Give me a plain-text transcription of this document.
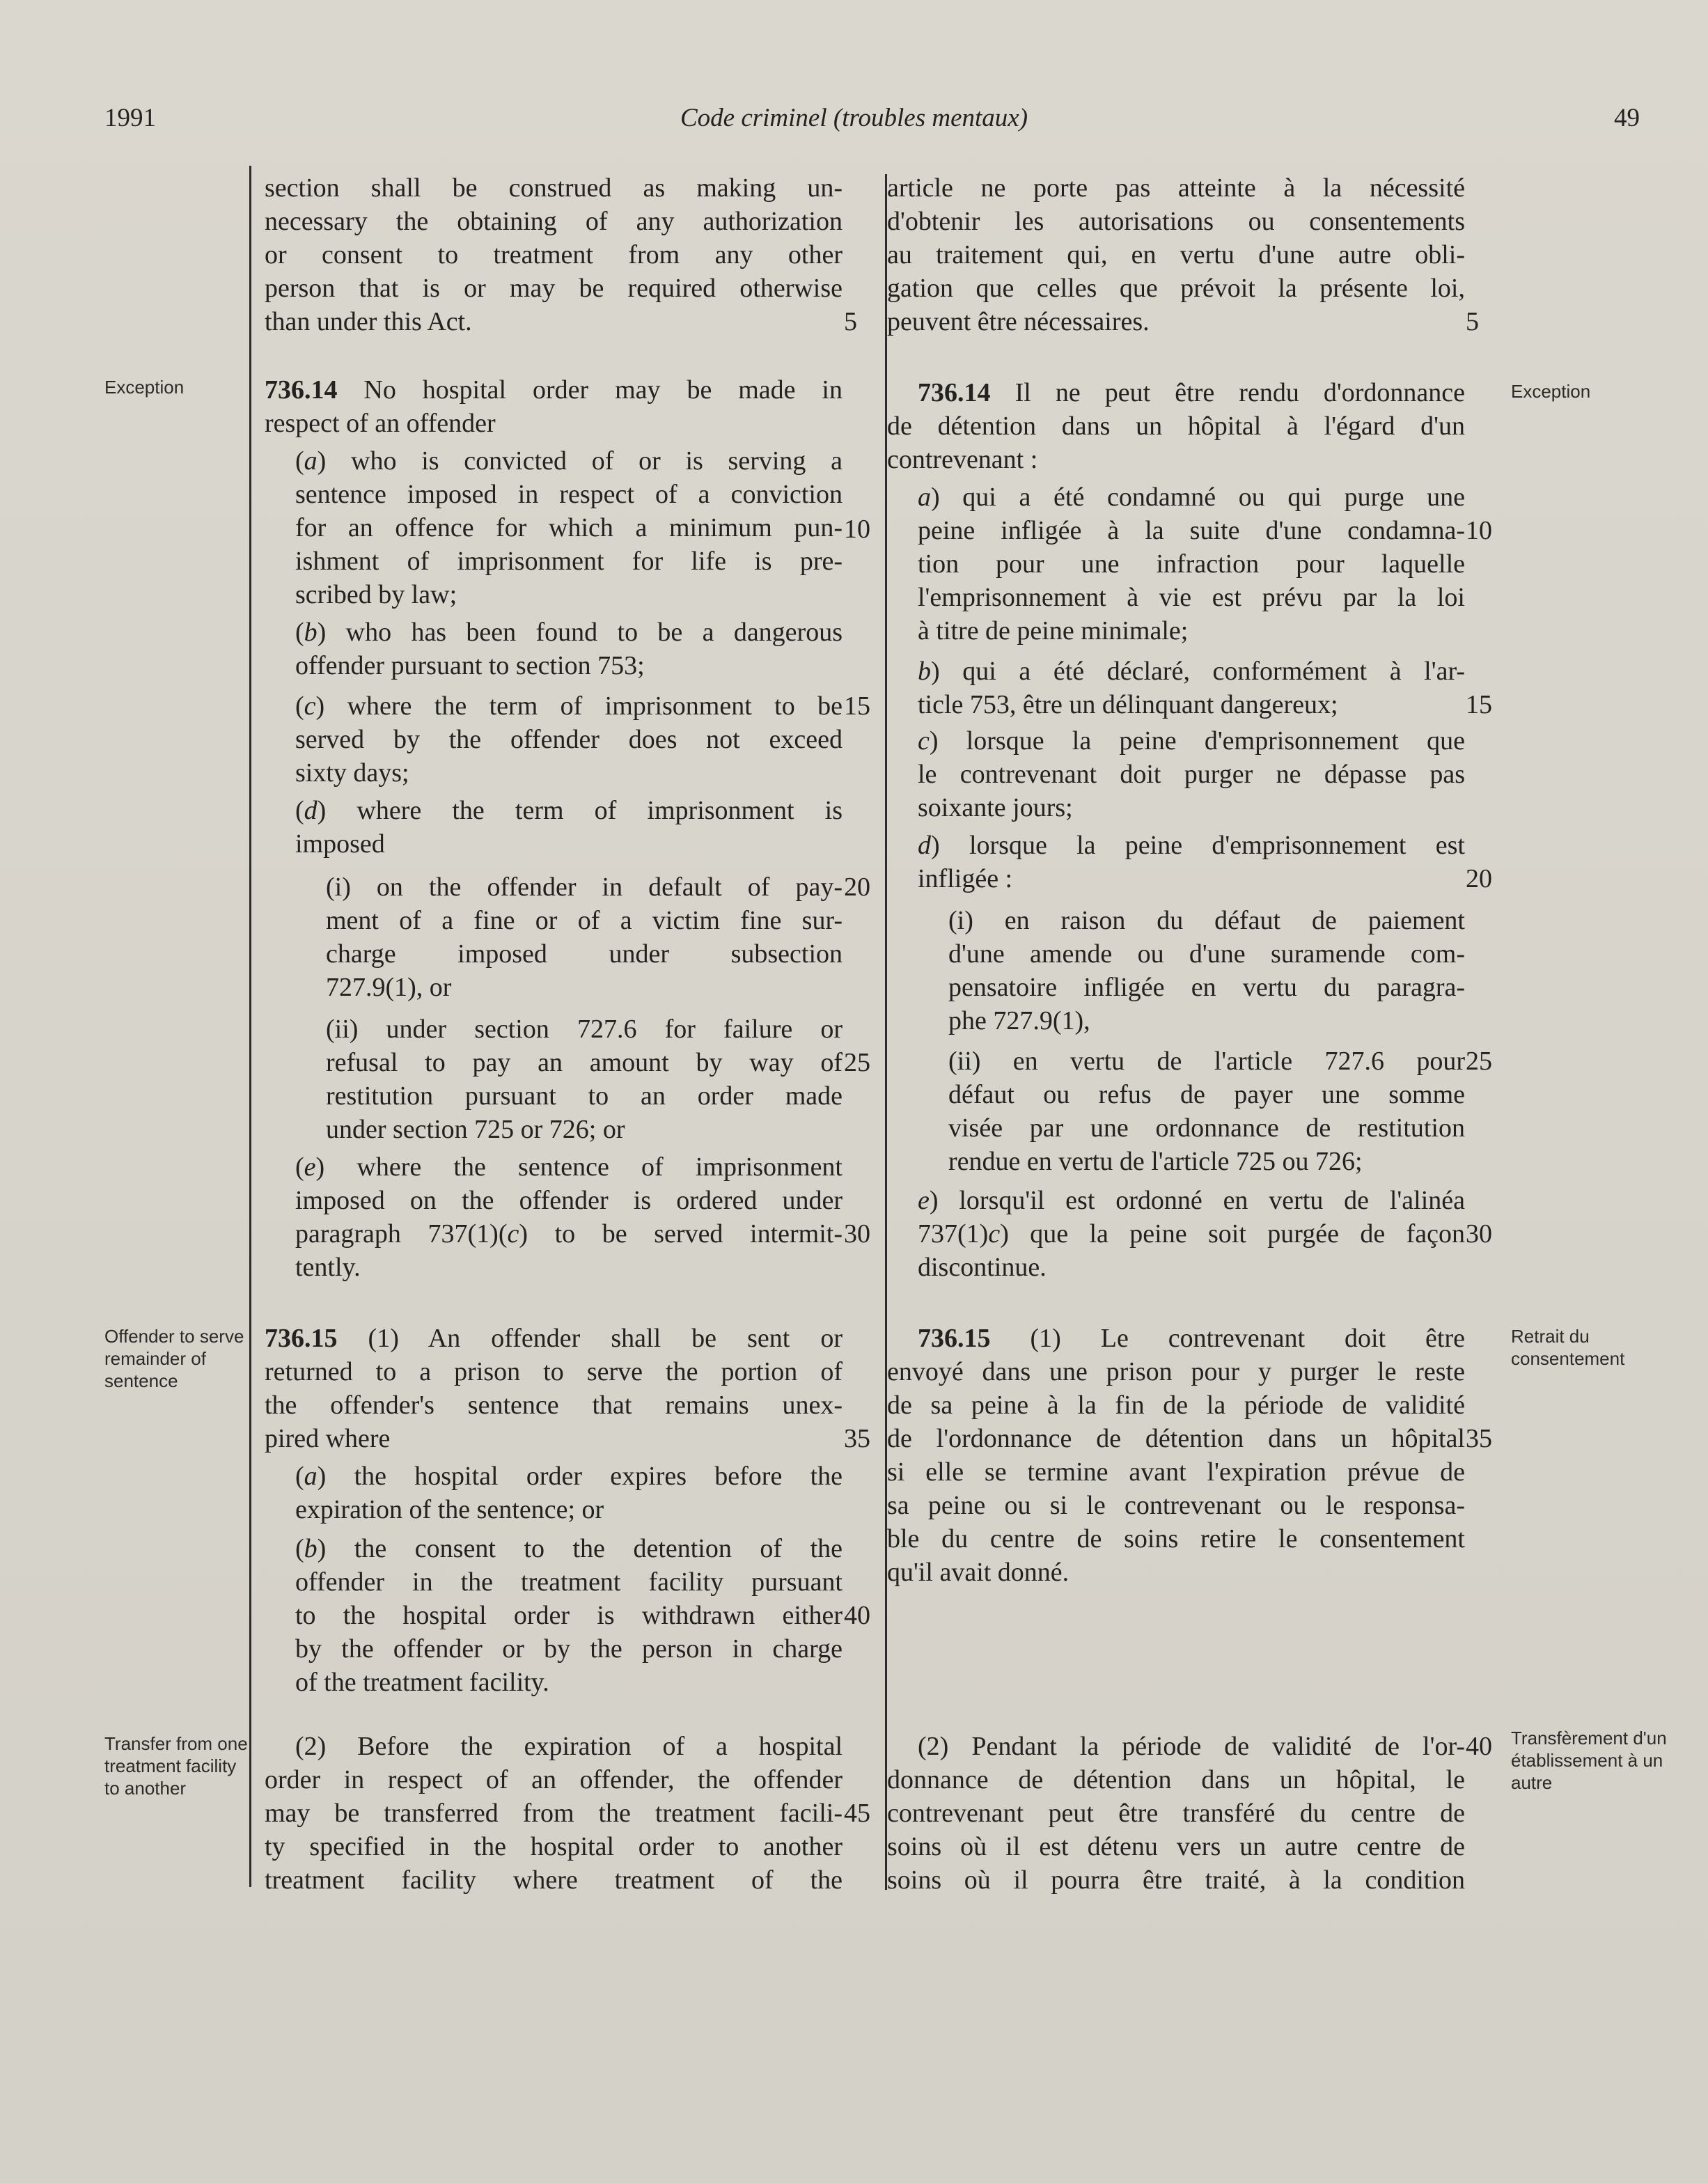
1991	Code criminel (troubles mentaux)	49
Exception
Offender to serve remainder of sentence
Transfer from one treatment facility to another
Exception
Retrait du consentement
Transfèrement d'un établissement à un autre
section shall be construed as making un-
necessary the obtaining of any authorization
or consent to treatment from any other
person that is or may be required otherwise
than under this Act.
736.14 No hospital order may be made in
respect of an offender
(a) who is convicted of or is serving a
sentence imposed in respect of a conviction
for an offence for which a minimum pun-
ishment of imprisonment for life is pre-
scribed by law;
(b) who has been found to be a dangerous
offender pursuant to section 753;
(c) where the term of imprisonment to be
served by the offender does not exceed
sixty days;
(d) where the term of imprisonment is
imposed
(i) on the offender in default of pay-
ment of a fine or of a victim fine sur-
charge imposed under subsection
727.9(1), or
(ii) under section 727.6 for failure or
refusal to pay an amount by way of
restitution pursuant to an order made
under section 725 or 726; or
(e) where the sentence of imprisonment
imposed on the offender is ordered under
paragraph 737(1)(c) to be served intermit-
tently.
736.15 (1) An offender shall be sent or
returned to a prison to serve the portion of
the offender's sentence that remains unex-
pired where
(a) the hospital order expires before the
expiration of the sentence; or
(b) the consent to the detention of the
offender in the treatment facility pursuant
to the hospital order is withdrawn either
by the offender or by the person in charge
of the treatment facility.
(2) Before the expiration of a hospital
order in respect of an offender, the offender
may be transferred from the treatment facili-
ty specified in the hospital order to another
treatment facility where treatment of the
5
10
15
20
25
30
35
40
45
article ne porte pas atteinte à la nécessité
d'obtenir les autorisations ou consentements
au traitement qui, en vertu d'une autre obli-
gation que celles que prévoit la présente loi,
peuvent être nécessaires.
736.14 Il ne peut être rendu d'ordonnance
de détention dans un hôpital à l'égard d'un
contrevenant :
a) qui a été condamné ou qui purge une
peine infligée à la suite d'une condamna-
tion pour une infraction pour laquelle
l'emprisonnement à vie est prévu par la loi
à titre de peine minimale;
b) qui a été déclaré, conformément à l'ar-
ticle 753, être un délinquant dangereux;
c) lorsque la peine d'emprisonnement que
le contrevenant doit purger ne dépasse pas
soixante jours;
d) lorsque la peine d'emprisonnement est
infligée :
(i) en raison du défaut de paiement
d'une amende ou d'une suramende com-
pensatoire infligée en vertu du paragra-
phe 727.9(1),
(ii) en vertu de l'article 727.6 pour
défaut ou refus de payer une somme
visée par une ordonnance de restitution
rendue en vertu de l'article 725 ou 726;
e) lorsqu'il est ordonné en vertu de l'alinéa
737(1)c) que la peine soit purgée de façon
discontinue.
736.15 (1) Le contrevenant doit être
envoyé dans une prison pour y purger le reste
de sa peine à la fin de la période de validité
de l'ordonnance de détention dans un hôpital
si elle se termine avant l'expiration prévue de
sa peine ou si le contrevenant ou le responsa-
ble du centre de soins retire le consentement
qu'il avait donné.
(2) Pendant la période de validité de l'or-
donnance de détention dans un hôpital, le
contrevenant peut être transféré du centre de
soins où il est détenu vers un autre centre de
soins où il pourra être traité, à la condition
5
10
15
20
25
30
35
40
